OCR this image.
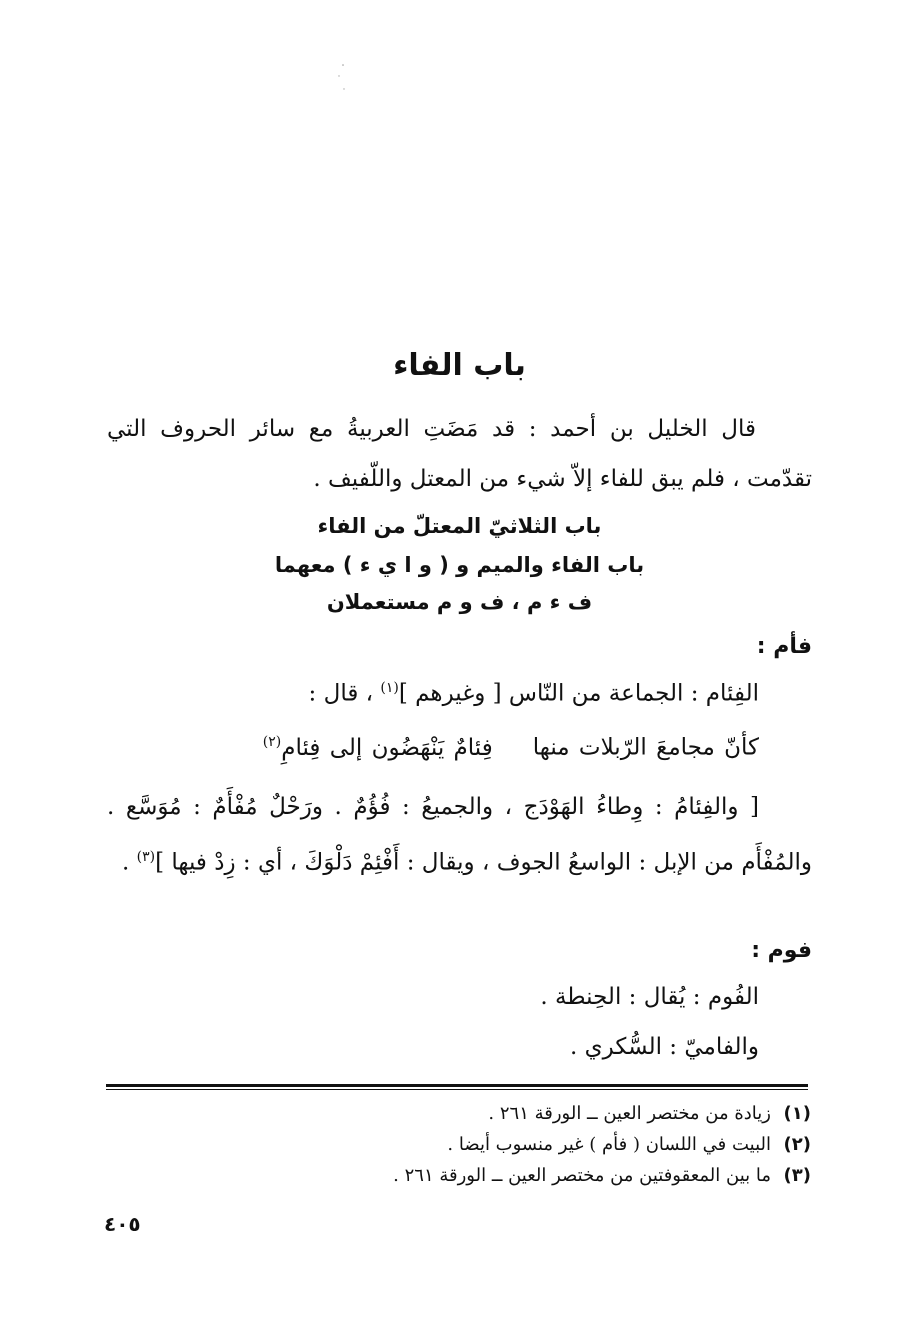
باب الفاء
قال الخليل بن أحمد : قد مَضَتِ العربيةُ مع سائر الحروف التي تقدّمت ، فلم يبق للفاء إلاّ شيء من المعتل واللّفيف .
باب الثلاثيّ المعتلّ من الفاء
باب الفاء والميم و ( و ا ي ء ) معهما
ف ء م ، ف و م مستعملان
فأم :
الفِئام : الجماعة من النّاس [ وغيرهم ]$^{(١)}$ ، قال :
كأنّ مجامعَ الرّبلات منهافِئامٌ يَنْهَضُون إلى فِئامِ$^{(٢)}$
[ والفِئامُ : وِطاءُ الهَوْدَج ، والجميعُ : فُؤُمٌ . ورَحْلٌ مُفْأَمٌ : مُوَسَّع . والمُفْأَم من الإبل : الواسعُ الجوف ، ويقال : أَفْئِمْ دَلْوَكَ ، أي : زِدْ فيها ]$^{(٣)}$ .
فوم :
الفُوم : يُقال : الحِنطة .
والفاميّ : السُّكري .
(١)زيادة من مختصر العين ــ الورقة ٢٦١ .
(٢)البيت في اللسان ( فأم ) غير منسوب أيضا .
(٣)ما بين المعقوفتين من مختصر العين ــ الورقة ٢٦١ .
٤٠٥
